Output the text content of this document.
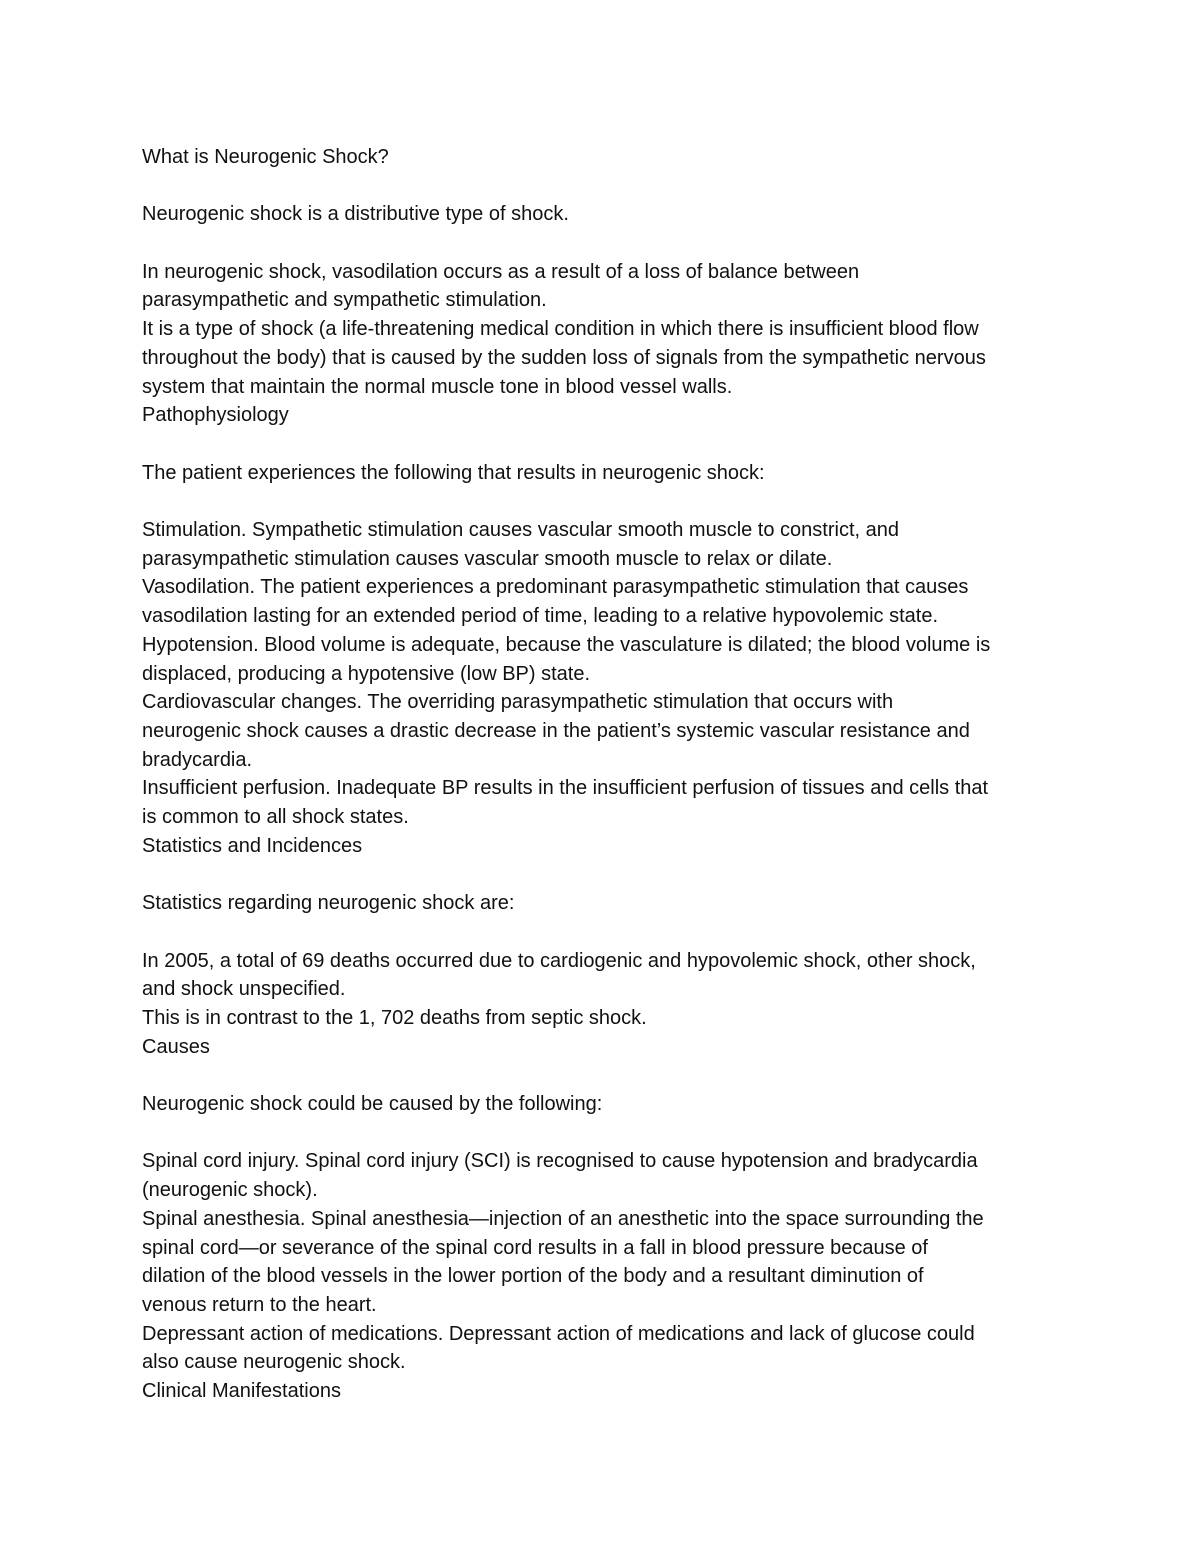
What is Neurogenic Shock?
Neurogenic shock is a distributive type of shock.
In neurogenic shock, vasodilation occurs as a result of a loss of balance between
parasympathetic and sympathetic stimulation.
It is a type of shock (a life-threatening medical condition in which there is insufficient blood flow
throughout the body) that is caused by the sudden loss of signals from the sympathetic nervous
system that maintain the normal muscle tone in blood vessel walls.
Pathophysiology
The patient experiences the following that results in neurogenic shock:
Stimulation. Sympathetic stimulation causes vascular smooth muscle to constrict, and
parasympathetic stimulation causes vascular smooth muscle to relax or dilate.
Vasodilation. The patient experiences a predominant parasympathetic stimulation that causes
vasodilation lasting for an extended period of time, leading to a relative hypovolemic state.
Hypotension. Blood volume is adequate, because the vasculature is dilated; the blood volume is
displaced, producing a hypotensive (low BP) state.
Cardiovascular changes. The overriding parasympathetic stimulation that occurs with
neurogenic shock causes a drastic decrease in the patient’s systemic vascular resistance and
bradycardia.
Insufficient perfusion. Inadequate BP results in the insufficient perfusion of tissues and cells that
is common to all shock states.
Statistics and Incidences
Statistics regarding neurogenic shock are:
In 2005, a total of 69 deaths occurred due to cardiogenic and hypovolemic shock, other shock,
and shock unspecified.
This is in contrast to the 1, 702 deaths from septic shock.
Causes
Neurogenic shock could be caused by the following:
Spinal cord injury. Spinal cord injury (SCI) is recognised to cause hypotension and bradycardia
(neurogenic shock).
Spinal anesthesia. Spinal anesthesia—injection of an anesthetic into the space surrounding the
spinal cord—or severance of the spinal cord results in a fall in blood pressure because of
dilation of the blood vessels in the lower portion of the body and a resultant diminution of
venous return to the heart.
Depressant action of medications. Depressant action of medications and lack of glucose could
also cause neurogenic shock.
Clinical Manifestations
